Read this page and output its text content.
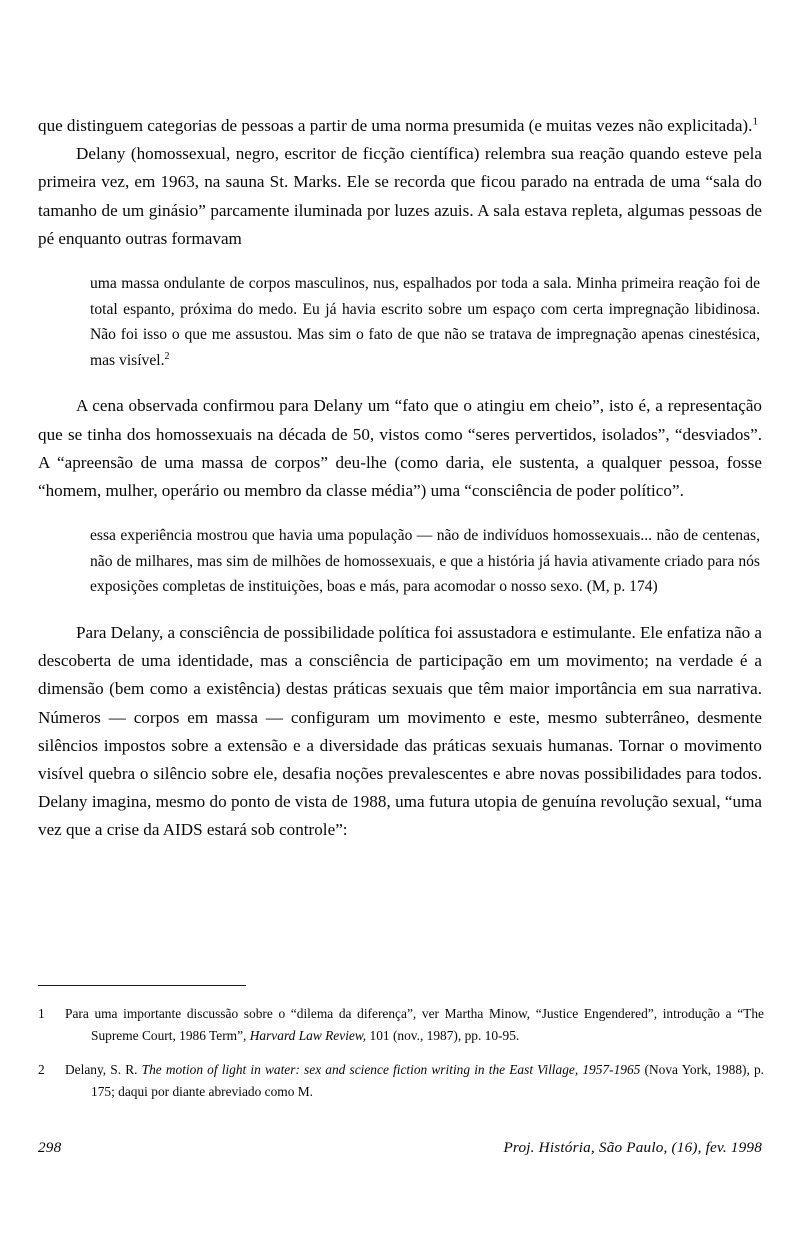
que distinguem categorias de pessoas a partir de uma norma presumida (e muitas vezes não explicitada).$^1$

Delany (homossexual, negro, escritor de ficção científica) relembra sua reação quando esteve pela primeira vez, em 1963, na sauna St. Marks. Ele se recorda que ficou parado na entrada de uma “sala do tamanho de um ginásio” parcamente iluminada por luzes azuis. A sala estava repleta, algumas pessoas de pé enquanto outras formavam

uma massa ondulante de corpos masculinos, nus, espalhados por toda a sala. Minha primeira reação foi de total espanto, próxima do medo. Eu já havia escrito sobre um espaço com certa impregnação libidinosa. Não foi isso o que me assustou. Mas sim o fato de que não se tratava de impregnação apenas cinestésica, mas visível.$^2$

A cena observada confirmou para Delany um “fato que o atingiu em cheio”, isto é, a representação que se tinha dos homossexuais na década de 50, vistos como “seres pervertidos, isolados”, “desviados”. A “apreensão de uma massa de corpos” deu-lhe (como daria, ele sustenta, a qualquer pessoa, fosse “homem, mulher, operário ou membro da classe média”) uma “consciência de poder político”.

essa experiência mostrou que havia uma população — não de indivíduos homossexuais... não de centenas, não de milhares, mas sim de milhões de homossexuais, e que a história já havia ativamente criado para nós exposições completas de instituições, boas e más, para acomodar o nosso sexo. (M, p. 174)

Para Delany, a consciência de possibilidade política foi assustadora e estimulante. Ele enfatiza não a descoberta de uma identidade, mas a consciência de participação em um movimento; na verdade é a dimensão (bem como a existência) destas práticas sexuais que têm maior importância em sua narrativa. Números — corpos em massa — configuram um movimento e este, mesmo subterrâneo, desmente silêncios impostos sobre a extensão e a diversidade das práticas sexuais humanas. Tornar o movimento visível quebra o silêncio sobre ele, desafia noções prevalescentes e abre novas possibilidades para todos. Delany imagina, mesmo do ponto de vista de 1988, uma futura utopia de genuína revolução sexual, “uma vez que a crise da AIDS estará sob controle”:

1	Para uma importante discussão sobre o “dilema da diferença”, ver Martha Minow, “Justice Engendered”, introdução a “The Supreme Court, 1986 Term”, Harvard Law Review, 101 (nov., 1987), pp. 10-95.
2	Delany, S. R. The motion of light in water: sex and science fiction writing in the East Village, 1957-1965 (Nova York, 1988), p. 175; daqui por diante abreviado como M.
298	Proj. História, São Paulo, (16), fev. 1998
